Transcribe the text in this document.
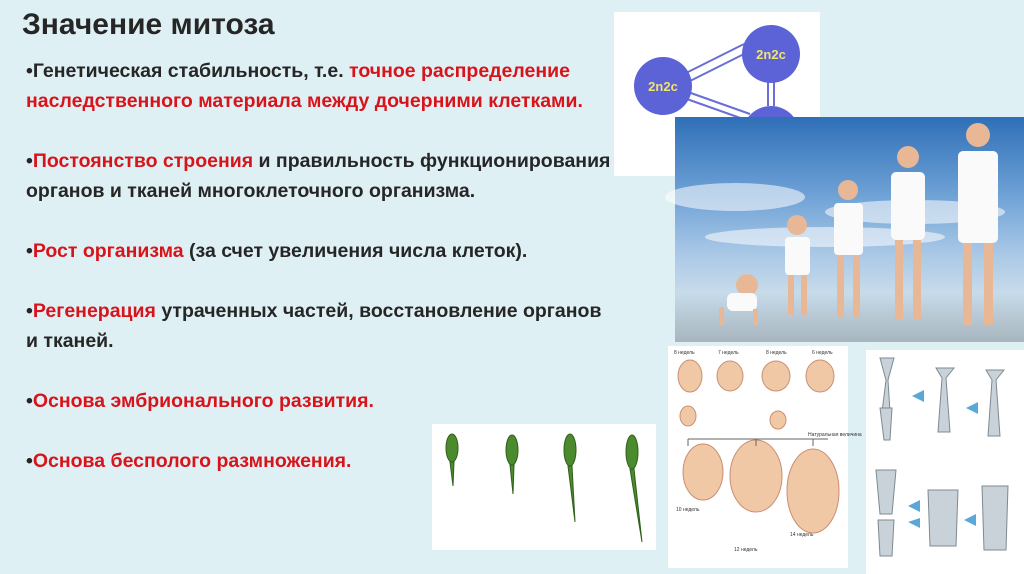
Значение митоза
•Генетическая стабильность, т.е. точное распределение наследственного материала между дочерними клетками.
•Постоянство строения и правильность функционирования органов и тканей многоклеточного организма.
•Рост организма (за счет увеличения числа клеток).
•Регенерация утраченных частей, восстановление органов и тканей.
•Основа эмбрионального развития.
•Основа бесполого размножения.
2n2c
2n2c
8 недель	7 недель	8 недель	6 недель
Натуральная величина
10 недель
12 недель
14 недель
